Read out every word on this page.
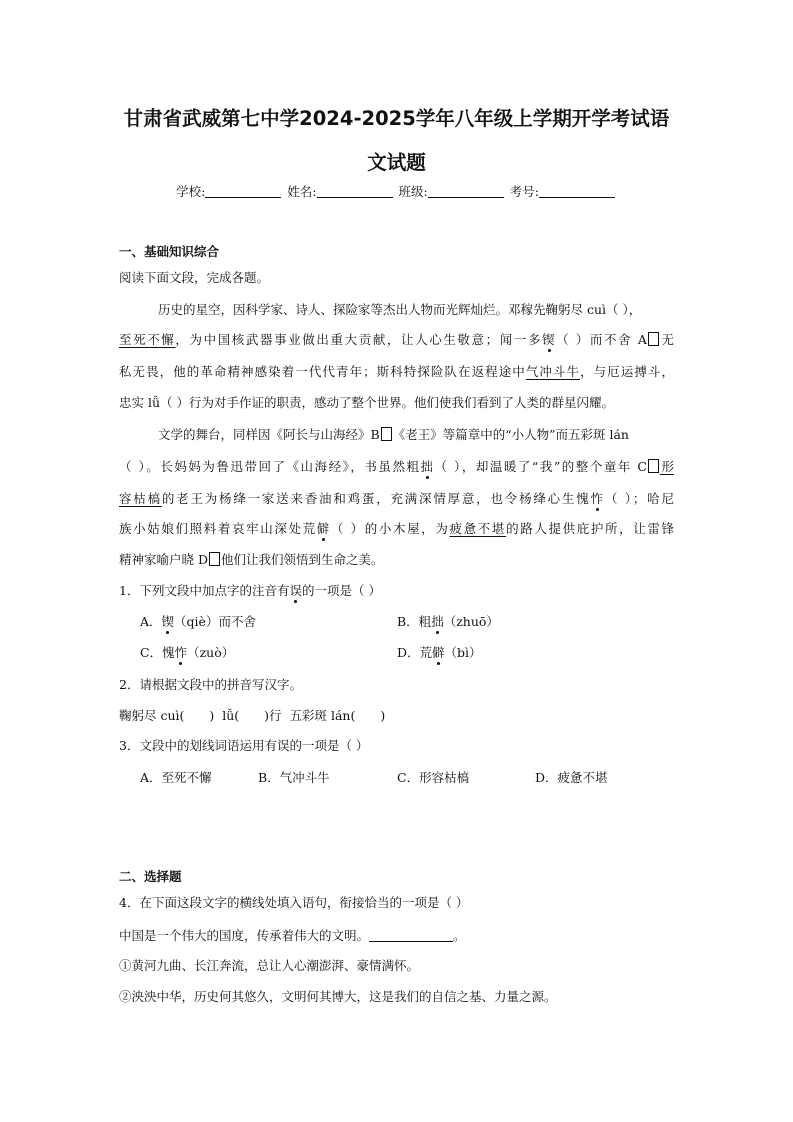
甘肃省武威第七中学2024-2025学年八年级上学期开学考试语
文试题
学校:	姓名:	班级:	考号:
一、基础知识综合
阅读下面文段，完成各题。
历史的星空，因科学家、诗人、探险家等杰出人物而光辉灿烂。邓稼先鞠躬尽 cuì（ ），
至死不懈，为中国核武器事业做出重大贡献，让人心生敬意；闻一多锲（ ）而不舍 A 无
私无畏，他的革命精神感染着一代代青年；斯科特探险队在返程途中气冲斗牛，与厄运搏斗，
忠实 lǚ（ ）行为对手作证的职责，感动了整个世界。他们使我们看到了人类的群星闪耀。
文学的舞台，同样因《阿长与山海经》B 《老王》等篇章中的“小人物”而五彩斑 lán
（ ）。长妈妈为鲁迅带回了《山海经》，书虽然粗拙（ ），却温暖了“我”的整个童年 C 形
容枯槁的老王为杨绛一家送来香油和鸡蛋，充满深情厚意，也令杨绛心生愧怍（ ）；哈尼
族小姑娘们照料着哀牢山深处荒僻（ ）的小木屋，为疲惫不堪的路人提供庇护所，让雷锋
精神家喻户晓 D 他们让我们领悟到生命之美。
1．下列文段中加点字的注音有误的一项是（ ）
A．锲（qiè）而不舍	B．粗拙（zhuō）
C．愧怍（zuò）	D．荒僻（bì）
2．请根据文段中的拼音写汉字。
鞠躬尽 cuì(　　)  lǚ(　　)行  五彩斑 lán(　　)
3．文段中的划线词语运用有误的一项是（ ）
A．至死不懈	B．气冲斗牛	C．形容枯槁	D．疲惫不堪
二、选择题
4．在下面这段文字的横线处填入语句，衔接恰当的一项是（ ）
中国是一个伟大的国度，传承着伟大的文明。	。
①黄河九曲、长江奔流，总让人心潮澎湃、豪情满怀。
②泱泱中华，历史何其悠久，文明何其博大，这是我们的自信之基、力量之源。
